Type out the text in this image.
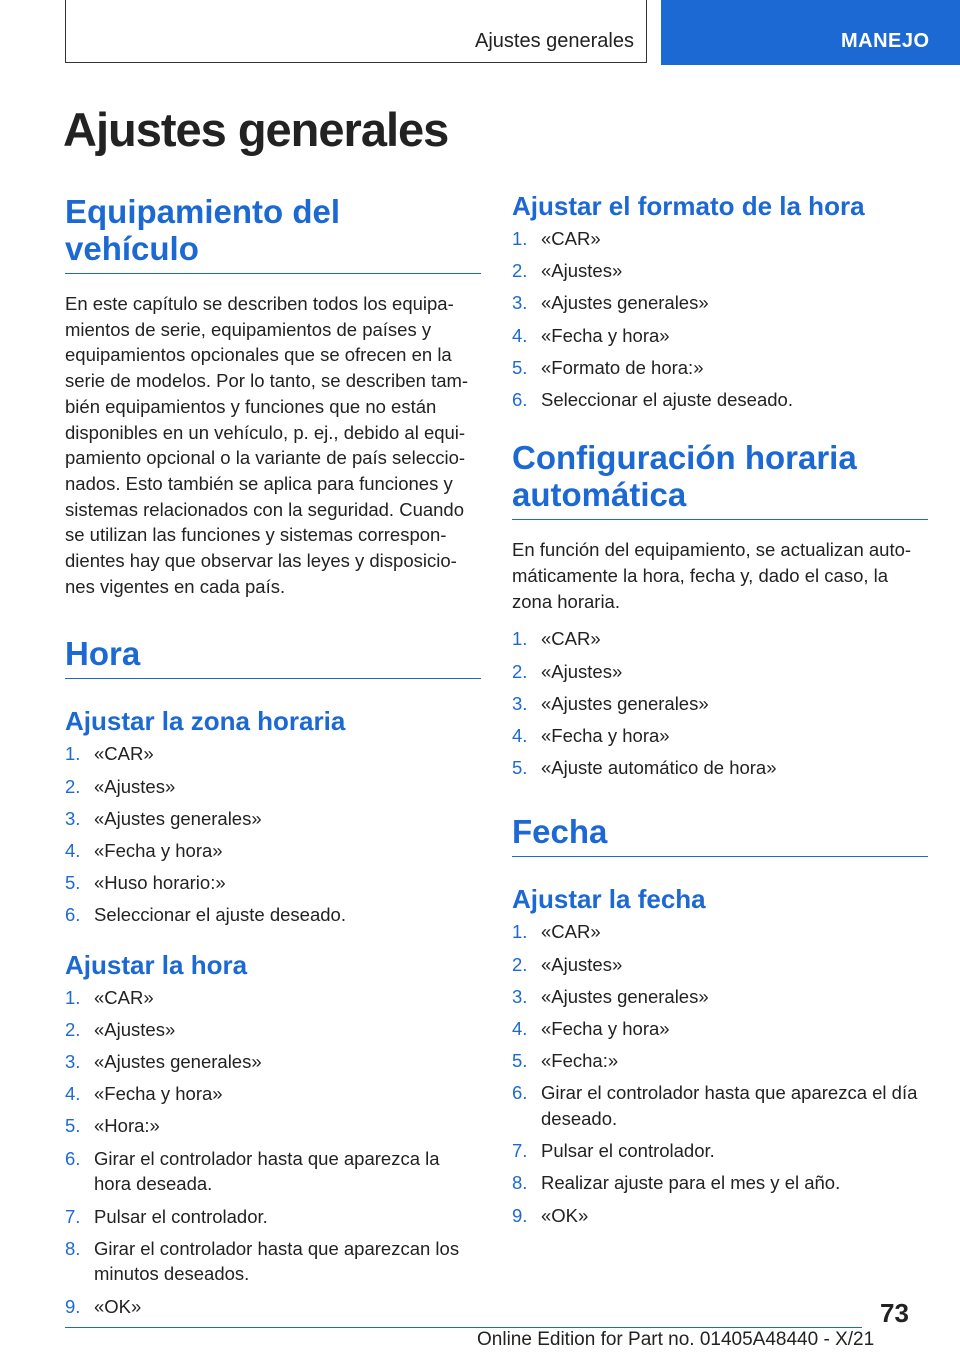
Ajustes generales	MANEJO
Ajustes generales
Equipamiento del vehículo
En este capítulo se describen todos los equipa‐
mientos de serie, equipamientos de países y
equipamientos opcionales que se ofrecen en la
serie de modelos. Por lo tanto, se describen tam‐
bién equipamientos y funciones que no están
disponibles en un vehículo, p. ej., debido al equi‐
pamiento opcional o la variante de país seleccio‐
nados. Esto también se aplica para funciones y
sistemas relacionados con la seguridad. Cuando
se utilizan las funciones y sistemas correspon‐
dientes hay que observar las leyes y disposicio‐
nes vigentes en cada país.
Hora
Ajustar la zona horaria
1. «CAR»
2. «Ajustes»
3. «Ajustes generales»
4. «Fecha y hora»
5. «Huso horario:»
6. Seleccionar el ajuste deseado.
Ajustar la hora
1. «CAR»
2. «Ajustes»
3. «Ajustes generales»
4. «Fecha y hora»
5. «Hora:»
6. Girar el controlador hasta que aparezca la
hora deseada.
7. Pulsar el controlador.
8. Girar el controlador hasta que aparezcan los
minutos deseados.
9. «OK»
Ajustar el formato de la hora
1. «CAR»
2. «Ajustes»
3. «Ajustes generales»
4. «Fecha y hora»
5. «Formato de hora:»
6. Seleccionar el ajuste deseado.
Configuración horaria
automática
En función del equipamiento, se actualizan auto‐
máticamente la hora, fecha y, dado el caso, la
zona horaria.
1. «CAR»
2. «Ajustes»
3. «Ajustes generales»
4. «Fecha y hora»
5. «Ajuste automático de hora»
Fecha
Ajustar la fecha
1. «CAR»
2. «Ajustes»
3. «Ajustes generales»
4. «Fecha y hora»
5. «Fecha:»
6. Girar el controlador hasta que aparezca el día
deseado.
7. Pulsar el controlador.
8. Realizar ajuste para el mes y el año.
9. «OK»
73
Online Edition for Part no. 01405A48440 - X/21
